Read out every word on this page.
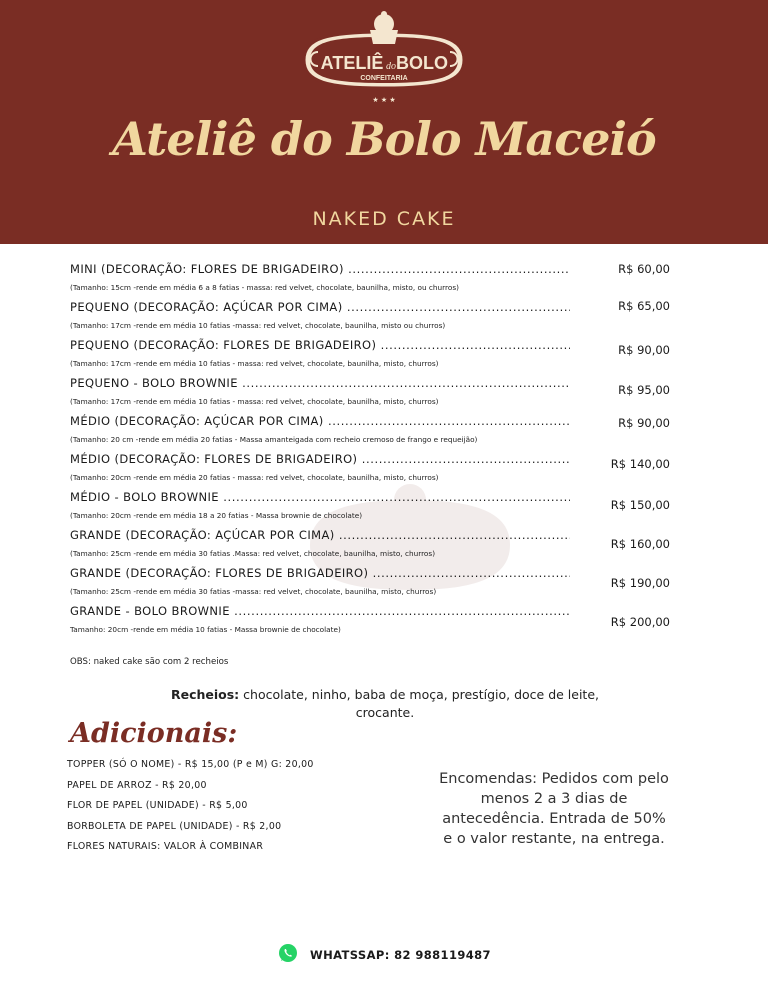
ATELIÊ do BOLO
CONFEITARIA
★ ★ ★
Ateliê do Bolo Maceió
NAKED CAKE
MINI (DECORAÇÃO: FLORES DE BRIGADEIRO) .....
(Tamanho: 15cm -rende em média 6 a 8 fatias - massa: red velvet, chocolate, baunilha, misto, ou churros)
R$ 60,00
PEQUENO (DECORAÇÃO: AÇÚCAR POR CIMA) .....
(Tamanho: 17cm -rende em média 10 fatias -massa: red velvet, chocolate, baunilha, misto ou churros)
R$ 65,00
PEQUENO (DECORAÇÃO: FLORES DE BRIGADEIRO) .....
(Tamanho: 17cm -rende em média 10 fatias - massa: red velvet, chocolate, baunilha, misto, churros)
R$ 90,00
PEQUENO - BOLO BROWNIE .....
(Tamanho: 17cm -rende em média 10 fatias - massa: red velvet, chocolate, baunilha, misto, churros)
R$ 95,00
MÉDIO (DECORAÇÃO: AÇÚCAR POR CIMA) .....
(Tamanho: 20 cm -rende em média 20 fatias - Massa amanteigada com recheio cremoso de frango e requeijão)
R$ 90,00
MÉDIO (DECORAÇÃO: FLORES DE BRIGADEIRO) .....
(Tamanho: 20cm -rende em média 20 fatias - massa: red velvet, chocolate, baunilha, misto, churros)
R$ 140,00
MÉDIO - BOLO BROWNIE .....
(Tamanho: 20cm -rende em média 18 a 20 fatias - Massa brownie de chocolate)
R$ 150,00
GRANDE (DECORAÇÃO: AÇÚCAR POR CIMA) .....
(Tamanho: 25cm -rende em média 30 fatias .Massa: red velvet, chocolate, baunilha, misto, churros)
R$ 160,00
GRANDE (DECORAÇÃO: FLORES DE BRIGADEIRO) .....
(Tamanho: 25cm -rende em média 30 fatias -massa: red velvet, chocolate, baunilha, misto, churros)
R$ 190,00
GRANDE - BOLO BROWNIE .....
Tamanho: 20cm -rende em média 10 fatias - Massa brownie de chocolate)
R$ 200,00
OBS: naked cake são com 2 recheios
Recheios: chocolate, ninho, baba de moça, prestígio, doce de leite, crocante.
Adicionais:
TOPPER (SÓ O NOME) - R$ 15,00 (P e M) G: 20,00
PAPEL DE ARROZ - R$ 20,00
FLOR DE PAPEL (UNIDADE) - R$ 5,00
BORBOLETA DE PAPEL (UNIDADE) - R$ 2,00
FLORES NATURAIS: VALOR À COMBINAR
Encomendas: Pedidos com pelo menos 2 a 3 dias de antecedência. Entrada de 50% e o valor restante, na entrega.
WHATSSAP: 82 988119487
